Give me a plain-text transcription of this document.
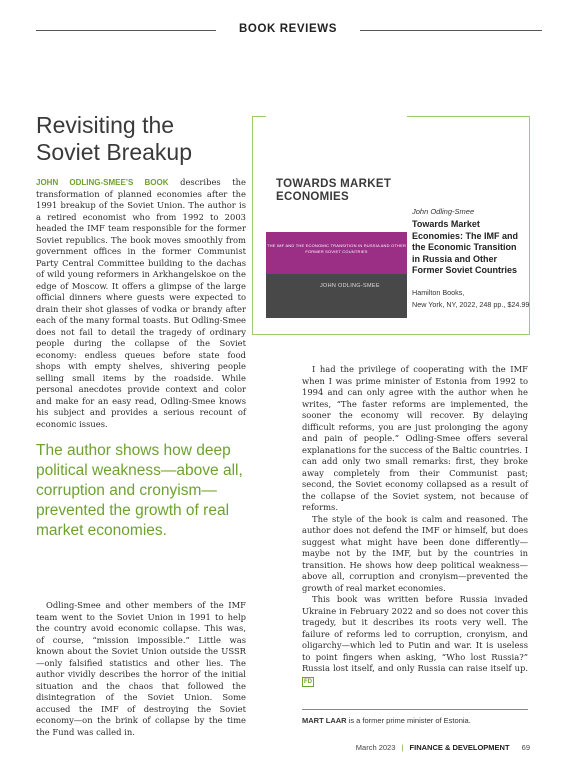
BOOK REVIEWS
Revisiting the
Soviet Breakup

JOHN ODLING-SMEE’S BOOK describes the transformation of planned economies after the 1991 breakup of the Soviet Union. The author is a retired economist who from 1992 to 2003 headed the IMF team responsible for the former Soviet republics. The book moves smoothly from government offices in the former Communist Party Central Committee building to the dachas of wild young reformers in Arkhangelskoe on the edge of Moscow. It offers a glimpse of the large official dinners where guests were expected to drain their shot glasses of vodka or brandy after each of the many formal toasts. But Odling-Smee does not fail to detail the tragedy of ordinary people during the collapse of the Soviet economy: endless queues before state food shops with empty shelves, shivering people selling small items by the roadside. While personal anecdotes provide context and color and make for an easy read, Odling-Smee knows his subject and provides a serious recount of economic issues.

The author shows how deep political weakness—above all, corruption and cronyism—prevented the growth of real market economies.

Odling-Smee and other members of the IMF team went to the Soviet Union in 1991 to help the country avoid economic collapse. This was, of course, “mission impossible.” Little was known about the Soviet Union outside the USSR—only falsified statistics and other lies. The author vividly describes the horror of the initial situation and the chaos that followed the disintegration of the Soviet Union. Some accused the IMF of destroying the Soviet economy—on the brink of collapse by the time the Fund was called in.

TOWARDS MARKET ECONOMIES
THE IMF AND THE ECONOMIC TRANSITION IN RUSSIA AND OTHER FORMER SOVIET COUNTRIES
JOHN ODLING-SMEE
John Odling-Smee
Towards Market Economies: The IMF and the Economic Transition in Russia and Other Former Soviet Countries
Hamilton Books,
New York, NY, 2022, 248 pp., $24.99

I had the privilege of cooperating with the IMF when I was prime minister of Estonia from 1992 to 1994 and can only agree with the author when he writes, “The faster reforms are implemented, the sooner the economy will recover. By delaying difficult reforms, you are just prolonging the agony and pain of people.” Odling-Smee offers several explanations for the success of the Baltic countries. I can add only two small remarks: first, they broke away completely from their Communist past; second, the Soviet economy collapsed as a result of the collapse of the Soviet system, not because of reforms.

The style of the book is calm and reasoned. The author does not defend the IMF or himself, but does suggest what might have been done differently—maybe not by the IMF, but by the countries in transition. He shows how deep political weakness—above all, corruption and cronyism—prevented the growth of real market economies.

This book was written before Russia invaded Ukraine in February 2022 and so does not cover this tragedy, but it describes its roots very well. The failure of reforms led to corruption, cronyism, and oligarchy—which led to Putin and war. It is useless to point fingers when asking, “Who lost Russia?” Russia lost itself, and only Russia can raise itself up. FD

MART LAAR is a former prime minister of Estonia.
March 2023 | FINANCE & DEVELOPMENT 69
